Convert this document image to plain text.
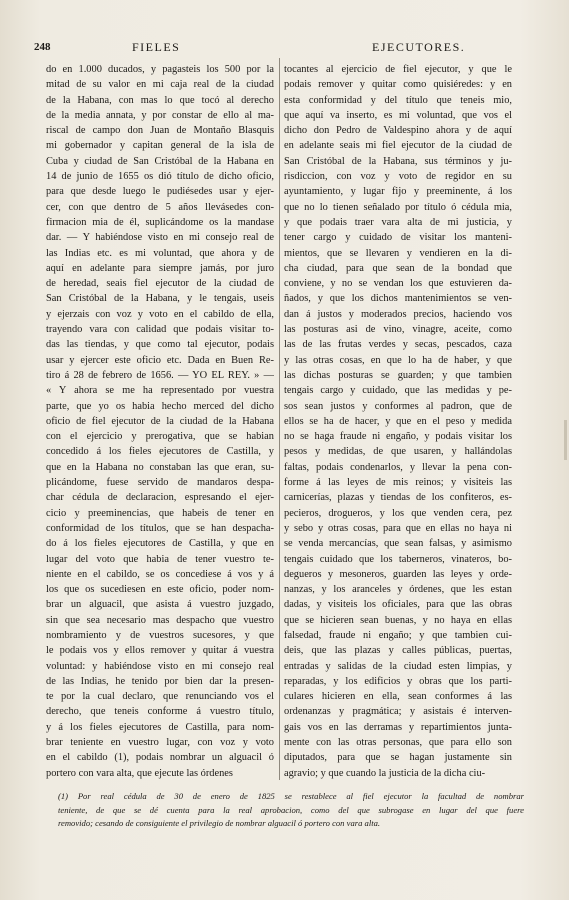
248	FIELES	EJECUTORES.
do en 1.000 ducados, y pagasteis los 500 por la
mitad de su valor en mi caja real de la ciudad
de la Habana, con mas lo que tocó al derecho
de la media annata, y por constar de ello al ma-
riscal de campo don Juan de Montaño Blasquis
mi gobernador y capitan general de la isla de
Cuba y ciudad de San Cristóbal de la Habana en
14 de junio de 1655 os dió título de dicho oficio,
para que desde luego le pudiésedes usar y ejer-
cer, con que dentro de 5 años llevásedes con-
firmacion mia de él, suplicándome os la mandase
dar. — Y habiéndose visto en mi consejo real de
las Indias etc. es mi voluntad, que ahora y de
aquí en adelante para siempre jamás, por juro
de heredad, seais fiel ejecutor de la ciudad de
San Cristóbal de la Habana, y le tengais, useis
y ejerzais con voz y voto en el cabildo de ella,
trayendo vara con calidad que podais visitar to-
das las tiendas, y que como tal ejecutor, podais
usar y ejercer este oficio etc. Dada en Buen Re-
tiro á 28 de febrero de 1656. — YO EL REY. » —
« Y ahora se me ha representado por vuestra
parte, que yo os habia hecho merced del dicho
oficio de fiel ejecutor de la ciudad de la Habana
con el ejercicio y prerogativa, que se habian
concedido á los fieles ejecutores de Castilla, y
que en la Habana no constaban las que eran, su-
plicándome, fuese servido de mandaros despa-
char cédula de declaracion, espresando el ejer-
cicio y preeminencias, que habeis de tener en
conformidad de los títulos, que se han despacha-
do á los fieles ejecutores de Castilla, y que en
lugar del voto que habia de tener vuestro te-
niente en el cabildo, se os concediese á vos y á
los que os sucediesen en este oficio, poder nom-
brar un alguacil, que asista á vuestro juzgado,
sin que sea necesario mas despacho que vuestro
nombramiento y de vuestros sucesores, y que
le podais vos y ellos remover y quitar á vuestra
voluntad: y habiéndose visto en mi consejo real
de las Indias, he tenido por bien dar la presen-
te por la cual declaro, que renunciando vos el
derecho, que teneis conforme á vuestro título,
y á los fieles ejecutores de Castilla, para nom-
brar teniente en vuestro lugar, con voz y voto
en el cabildo (1), podais nombrar un alguacil ó
portero con vara alta, que ejecute las órdenes
tocantes al ejercicio de fiel ejecutor, y que le
podais remover y quitar como quisiéredes: y en
esta conformidad y del título que teneis mio,
que aquí va inserto, es mi voluntad, que vos el
dicho don Pedro de Valdespino ahora y de aquí
en adelante seais mi fiel ejecutor de la ciudad de
San Cristóbal de la Habana, sus términos y ju-
risdiccion, con voz y voto de regidor en su
ayuntamiento, y lugar fijo y preeminente, á los
que no lo tienen señalado por título ó cédula mia,
y que podais traer vara alta de mi justicia, y
tener cargo y cuidado de visitar los manteni-
mientos, que se llevaren y vendieren en la di-
cha ciudad, para que sean de la bondad que
conviene, y no se vendan los que estuvieren da-
ñados, y que los dichos mantenimientos se ven-
dan á justos y moderados precios, haciendo vos
las posturas asi de vino, vinagre, aceite, como
las de las frutas verdes y secas, pescados, caza
y las otras cosas, en que lo ha de haber, y que
las dichas posturas se guarden; y que tambien
tengais cargo y cuidado, que las medidas y pe-
sos sean justos y conformes al padron, que de
ellos se ha de hacer, y que en el peso y medida
no se haga fraude ni engaño, y podais visitar los
pesos y medidas, de que usaren, y hallándolas
faltas, podais condenarlos, y llevar la pena con-
forme á las leyes de mis reinos; y visiteis las
carnicerías, plazas y tiendas de los confiteros, es-
pecieros, drogueros, y los que venden cera, pez
y sebo y otras cosas, para que en ellas no haya ni
se venda mercancías, que sean falsas, y asimismo
tengais cuidado que los taberneros, vinateros, bo-
degueros y mesoneros, guarden las leyes y orde-
nanzas, y los aranceles y órdenes, que les estan
dadas, y visiteis los oficiales, para que las obras
que se hicieren sean buenas, y no haya en ellas
falsedad, fraude ni engaño; y que tambien cui-
deis, que las plazas y calles públicas, puertas,
entradas y salidas de la ciudad esten limpias, y
reparadas, y los edificios y obras que los parti-
culares hicieren en ella, sean conformes á las
ordenanzas y pragmática; y asistais é interven-
gais vos en las derramas y repartimientos junta-
mente con las otras personas, que para ello son
diputados, para que se hagan justamente sin
agravio; y que cuando la justicia de la dicha ciu-
(1) Por real cédula de 30 de enero de 1825 se restablece al fiel ejecutor la facultad de nombrar
teniente, de que se dé cuenta para la real aprobacion, como del que subrogase en lugar del que fuere
removido; cesando de consiguiente el privilegio de nombrar alguacil ó portero con vara alta.
